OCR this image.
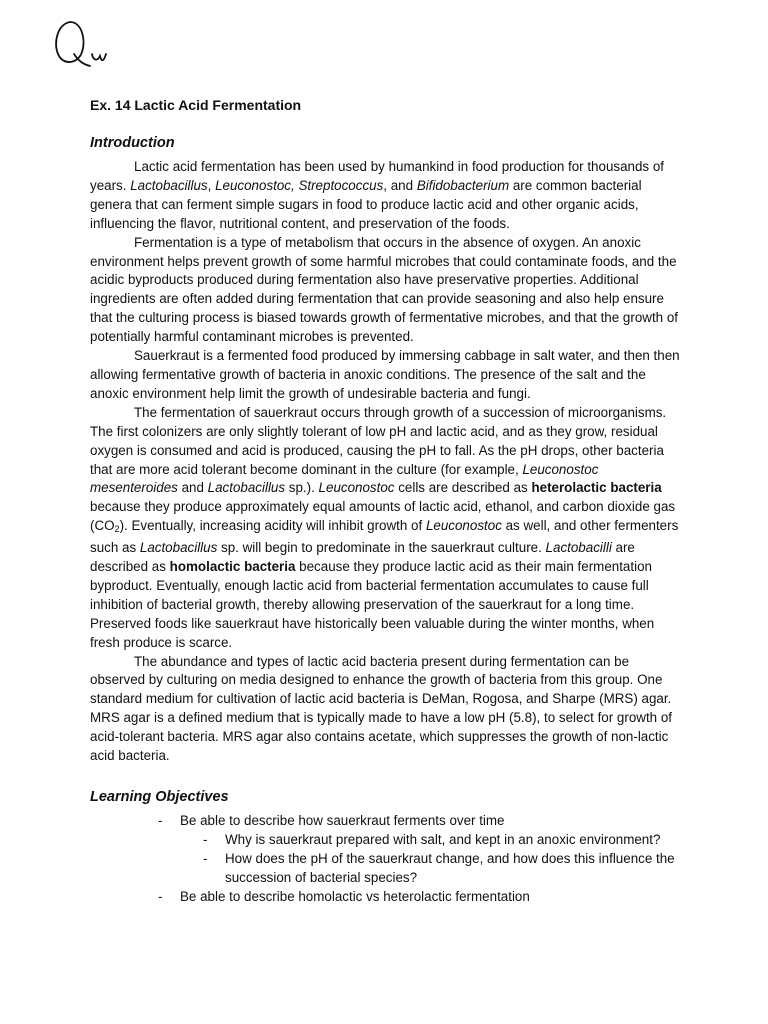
Ex. 14 Lactic Acid Fermentation
Introduction

Lactic acid fermentation has been used by humankind in food production for thousands of years. Lactobacillus, Leuconostoc, Streptococcus, and Bifidobacterium are common bacterial genera that can ferment simple sugars in food to produce lactic acid and other organic acids, influencing the flavor, nutritional content, and preservation of the foods.

Fermentation is a type of metabolism that occurs in the absence of oxygen. An anoxic environment helps prevent growth of some harmful microbes that could contaminate foods, and the acidic byproducts produced during fermentation also have preservative properties. Additional ingredients are often added during fermentation that can provide seasoning and also help ensure that the culturing process is biased towards growth of fermentative microbes, and that the growth of potentially harmful contaminant microbes is prevented.

Sauerkraut is a fermented food produced by immersing cabbage in salt water, and then then allowing fermentative growth of bacteria in anoxic conditions. The presence of the salt and the anoxic environment help limit the growth of undesirable bacteria and fungi.

The fermentation of sauerkraut occurs through growth of a succession of microorganisms. The first colonizers are only slightly tolerant of low pH and lactic acid, and as they grow, residual oxygen is consumed and acid is produced, causing the pH to fall. As the pH drops, other bacteria that are more acid tolerant become dominant in the culture (for example, Leuconostoc mesenteroides and Lactobacillus sp.). Leuconostoc cells are described as heterolactic bacteria because they produce approximately equal amounts of lactic acid, ethanol, and carbon dioxide gas $(CO_2)$. Eventually, increasing acidity will inhibit growth of Leuconostoc as well, and other fermenters such as Lactobacillus sp. will begin to predominate in the sauerkraut culture. Lactobacilli are described as homolactic bacteria because they produce lactic acid as their main fermentation byproduct. Eventually, enough lactic acid from bacterial fermentation accumulates to cause full inhibition of bacterial growth, thereby allowing preservation of the sauerkraut for a long time. Preserved foods like sauerkraut have historically been valuable during the winter months, when fresh produce is scarce.

The abundance and types of lactic acid bacteria present during fermentation can be observed by culturing on media designed to enhance the growth of bacteria from this group. One standard medium for cultivation of lactic acid bacteria is DeMan, Rogosa, and Sharpe (MRS) agar. MRS agar is a defined medium that is typically made to have a low pH (5.8), to select for growth of acid-tolerant bacteria. MRS agar also contains acetate, which suppresses the growth of non-lactic acid bacteria.

Learning Objectives
- Be able to describe how sauerkraut ferments over time
- Why is sauerkraut prepared with salt, and kept in an anoxic environment?
- How does the pH of the sauerkraut change, and how does this influence the succession of bacterial species?
- Be able to describe homolactic vs heterolactic fermentation
